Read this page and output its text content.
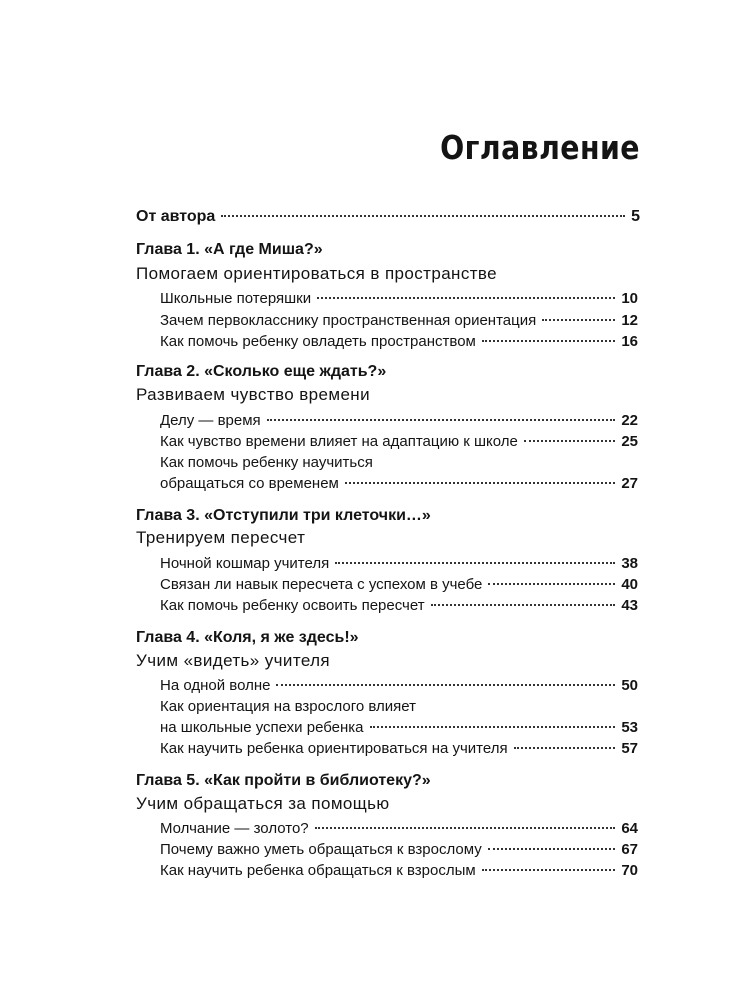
Оглавление
От автора	5
Глава 1. «А где Миша?»
Помогаем ориентироваться в пространстве
Школьные потеряшки	10
Зачем первокласснику пространственная ориентация	12
Как помочь ребенку овладеть пространством	16
Глава 2. «Сколько еще ждать?»
Развиваем чувство времени
Делу — время	22
Как чувство времени влияет на адаптацию к школе	25
Как помочь ребенку научиться
обращаться со временем	27
Глава 3. «Отступили три клеточки…»
Тренируем пересчет
Ночной кошмар учителя	38
Связан ли навык пересчета с успехом в учебе	40
Как помочь ребенку освоить пересчет	43
Глава 4. «Коля, я же здесь!»
Учим «видеть» учителя
На одной волне	50
Как ориентация на взрослого влияет
на школьные успехи ребенка	53
Как научить ребенка ориентироваться на учителя	57
Глава 5. «Как пройти в библиотеку?»
Учим обращаться за помощью
Молчание — золото?	64
Почему важно уметь обращаться к взрослому	67
Как научить ребенка обращаться к взрослым	70
